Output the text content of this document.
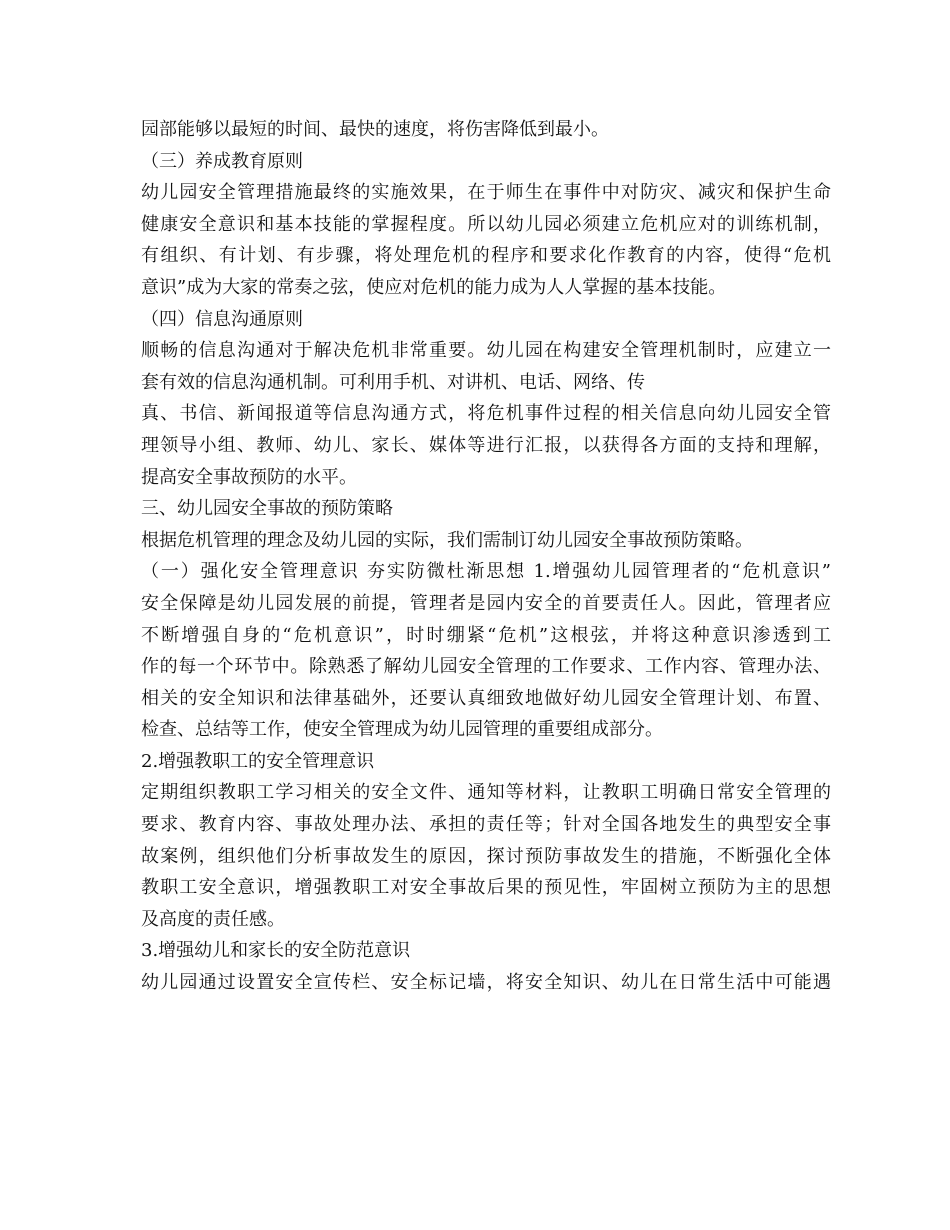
园部能够以最短的时间、最快的速度，将伤害降低到最小。
（三）养成教育原则
幼儿园安全管理措施最终的实施效果，在于师生在事件中对防灾、减灾和保护生命
健康安全意识和基本技能的掌握程度。所以幼儿园必须建立危机应对的训练机制，
有组织、有计划、有步骤，将处理危机的程序和要求化作教育的内容，使得“危机
意识”成为大家的常奏之弦，使应对危机的能力成为人人掌握的基本技能。
（四）信息沟通原则
顺畅的信息沟通对于解决危机非常重要。幼儿园在构建安全管理机制时，应建立一
套有效的信息沟通机制。可利用手机、对讲机、电话、网络、传
真、书信、新闻报道等信息沟通方式，将危机事件过程的相关信息向幼儿园安全管
理领导小组、教师、幼儿、家长、媒体等进行汇报，以获得各方面的支持和理解，
提高安全事故预防的水平。
三、幼儿园安全事故的预防策略
根据危机管理的理念及幼儿园的实际，我们需制订幼儿园安全事故预防策略。
（一）强化安全管理意识 夯实防微杜渐思想 1.增强幼儿园管理者的“危机意识”
安全保障是幼儿园发展的前提，管理者是园内安全的首要责任人。因此，管理者应
不断增强自身的“危机意识”，时时绷紧“危机”这根弦，并将这种意识渗透到工
作的每一个环节中。除熟悉了解幼儿园安全管理的工作要求、工作内容、管理办法、
相关的安全知识和法律基础外，还要认真细致地做好幼儿园安全管理计划、布置、
检查、总结等工作，使安全管理成为幼儿园管理的重要组成部分。
2.增强教职工的安全管理意识
定期组织教职工学习相关的安全文件、通知等材料，让教职工明确日常安全管理的
要求、教育内容、事故处理办法、承担的责任等；针对全国各地发生的典型安全事
故案例，组织他们分析事故发生的原因，探讨预防事故发生的措施，不断强化全体
教职工安全意识，增强教职工对安全事故后果的预见性，牢固树立预防为主的思想
及高度的责任感。
3.增强幼儿和家长的安全防范意识
幼儿园通过设置安全宣传栏、安全标记墙，将安全知识、幼儿在日常生活中可能遇
